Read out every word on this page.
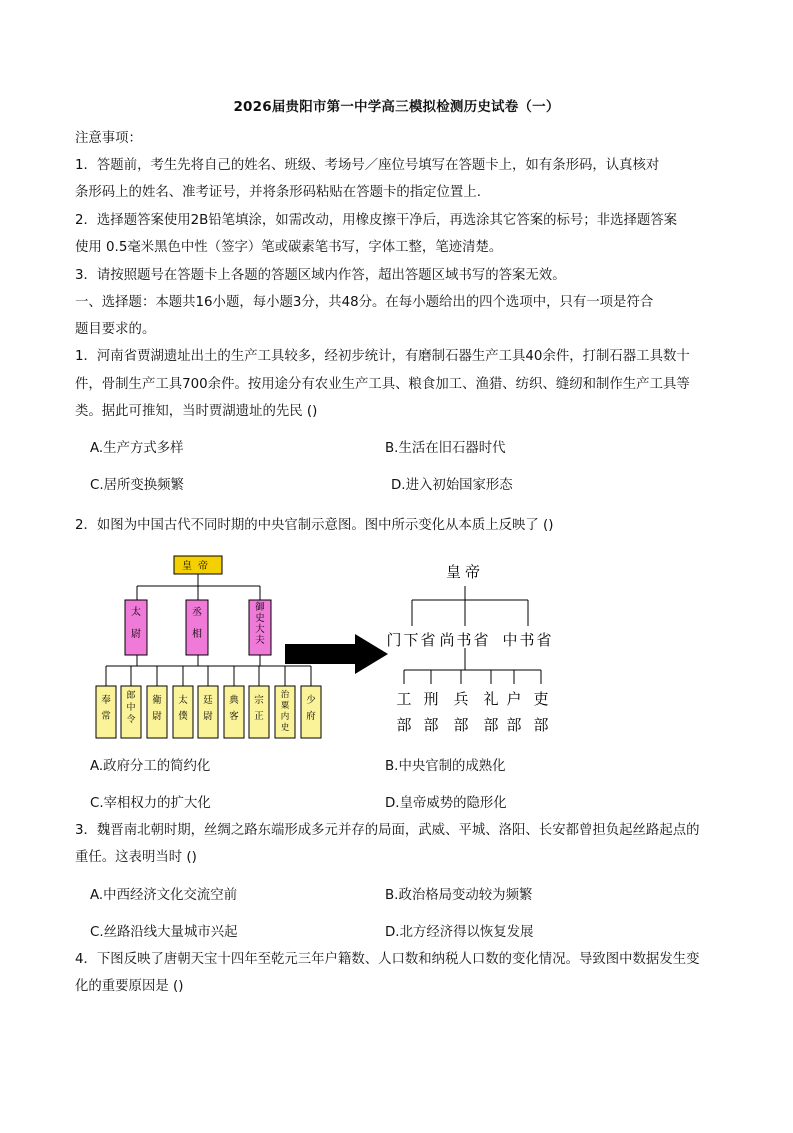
2026届贵阳市第一中学高三模拟检测历史试卷（一）
注意事项：
1．答题前，考生先将自己的姓名、班级、考场号／座位号填写在答题卡上，如有条形码，认真核对
条形码上的姓名、准考证号，并将条形码粘贴在答题卡的指定位置上.
2．选择题答案使用2B铅笔填涂，如需改动，用橡皮擦干净后，再选涂其它答案的标号；非选择题答案
使用 0.5毫米黑色中性（签字）笔或碳素笔书写，字体工整，笔迹清楚。
3．请按照题号在答题卡上各题的答题区域内作答，超出答题区域书写的答案无效。
一、选择题：本题共16小题，每小题3分，共48分。在每小题给出的四个选项中，只有一项是符合
题目要求的。
1．河南省贾湖遗址出土的生产工具较多，经初步统计，有磨制石器生产工具40余件，打制石器工具数十
件，骨制生产工具700余件。按用途分有农业生产工具、粮食加工、渔猎、纺织、缝纫和制作生产工具等
类。据此可推知，当时贾湖遗址的先民 ()
A.生产方式多样	B.生活在旧石器时代
C.居所变换频繁	D.进入初始国家形态
2．如图为中国古代不同时期的中央官制示意图。图中所示变化从本质上反映了 ()
皇帝
太
尉
丞
相
御
史
大
夫
奉
常
郎
中
令
衛
尉
太
僕
廷
尉
典
客
宗
正
治
粟
内
史
少
府
皇帝
门下省 尚书省 中书省
工
部
刑
部
兵
部
礼
部
户
部
吏
部
A.政府分工的简约化	B.中央官制的成熟化
C.宰相权力的扩大化	D.皇帝威势的隐形化
3．魏晋南北朝时期，丝绸之路东端形成多元并存的局面，武威、平城、洛阳、长安都曾担负起丝路起点的
重任。这表明当时 ()
A.中西经济文化交流空前	B.政治格局变动较为频繁
C.丝路沿线大量城市兴起	D.北方经济得以恢复发展
4．下图反映了唐朝天宝十四年至乾元三年户籍数、人口数和纳税人口数的变化情况。导致图中数据发生变
化的重要原因是 ()
